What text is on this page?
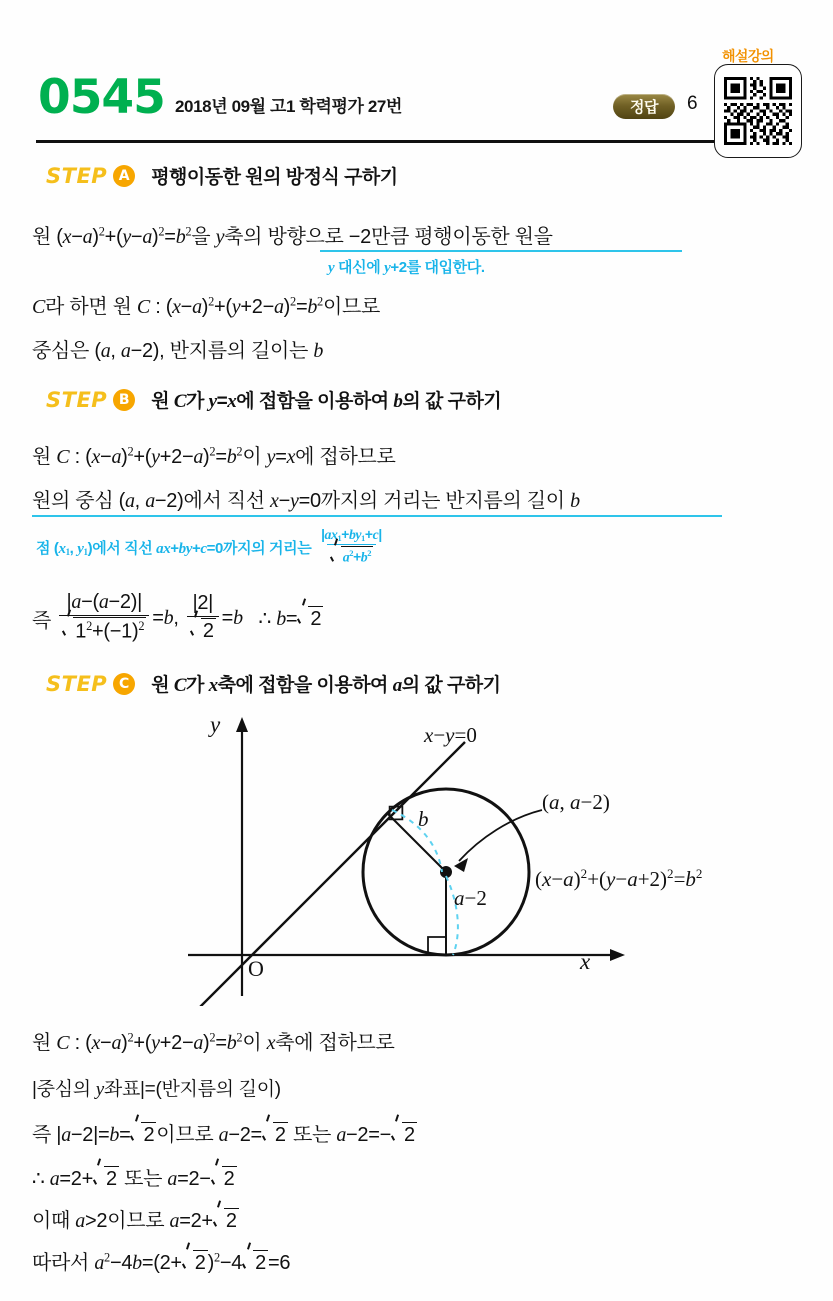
0545 2018년 09월 고1 학력평가 27번	정답	6
해설강의
STEP A 평행이동한 원의 방정식 구하기
원 $(x-a)^2+(y-a)^2=b^2$을 y축의 방향으로 −2만큼 평행이동한 원을
y 대신에 y+2를 대입한다.
C라 하면 원 C : $(x-a)^2+(y+2-a)^2=b^2$이므로
중심은 (a, a−2), 반지름의 길이는 b
STEP B 원 C가 y=x에 접함을 이용하여 b의 값 구하기
원 C : $(x-a)^2+(y+2-a)^2=b^2$이 y=x에 접하므로
원의 중심 (a, a−2)에서 직선 x−y=0까지의 거리는 반지름의 길이 b
점 ($x_1$, $y_1$)에서 직선 ax+by+c=0까지의 거리는 $\frac{|ax_1+by_1+c|}{a^2+b^2}$
즉 $\frac{|a-(a-2)|}{1^2+(-1)^2} =b$, $\frac{|2|}{2} =b$ ∴ b= 2
STEP C	원 C가 x축에 접함을 이용하여 a의 값 구하기
y
x
O
x−y=0
b
a−2
(a, a−2)
$(x-a)^2+(y-a+2)^2=b^2$
원 C : $(x-a)^2+(y+2-a)^2=b^2$이 x축에 접하므로
|중심의 y좌표|=(반지름의 길이)
즉 |a−2|=b= 2 이므로 a−2= 2 또는 a−2=− 2
∴ a=2+ 2 또는 a=2− 2
이때 a>2이므로 a=2+ 2
따라서 $a^2-4b=(2+ 2$ )$^2$−4 2 =6
